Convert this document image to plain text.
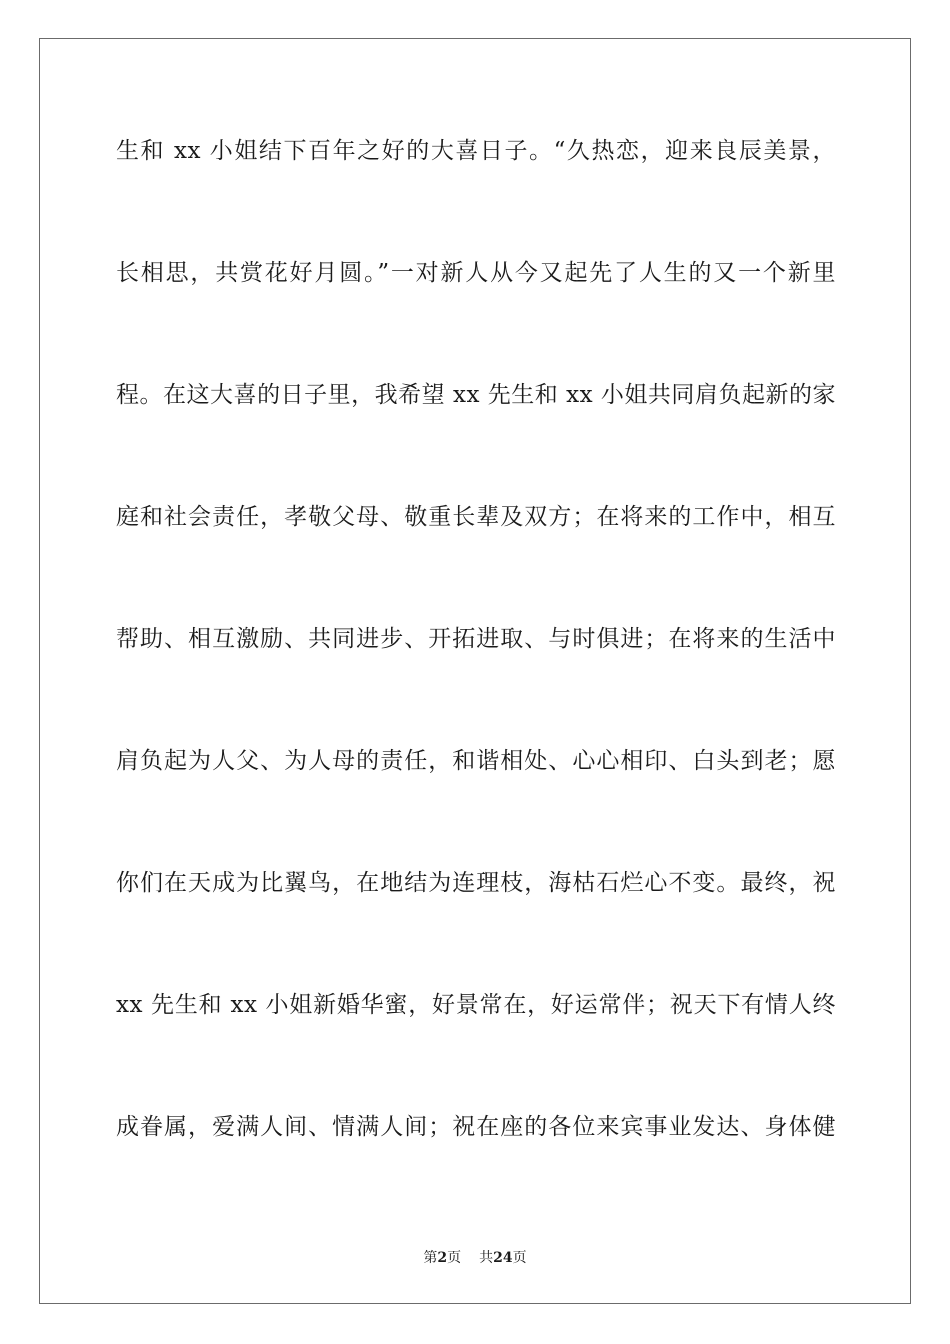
生和 xx 小姐结下百年之好的大喜日子。“久热恋，迎来良辰美景，
长相思，共赏花好月圆。”一对新人从今又起先了人生的又一个新里
程。在这大喜的日子里，我希望 xx 先生和 xx 小姐共同肩负起新的家
庭和社会责任，孝敬父母、敬重长辈及双方；在将来的工作中，相互
帮助、相互激励、共同进步、开拓进取、与时俱进；在将来的生活中
肩负起为人父、为人母的责任，和谐相处、心心相印、白头到老；愿
你们在天成为比翼鸟，在地结为连理枝，海枯石烂心不变。最终，祝
xx 先生和 xx 小姐新婚华蜜，好景常在，好运常伴；祝天下有情人终
成眷属，爱满人间、情满人间；祝在座的各位来宾事业发达、身体健
第2页 共24页
